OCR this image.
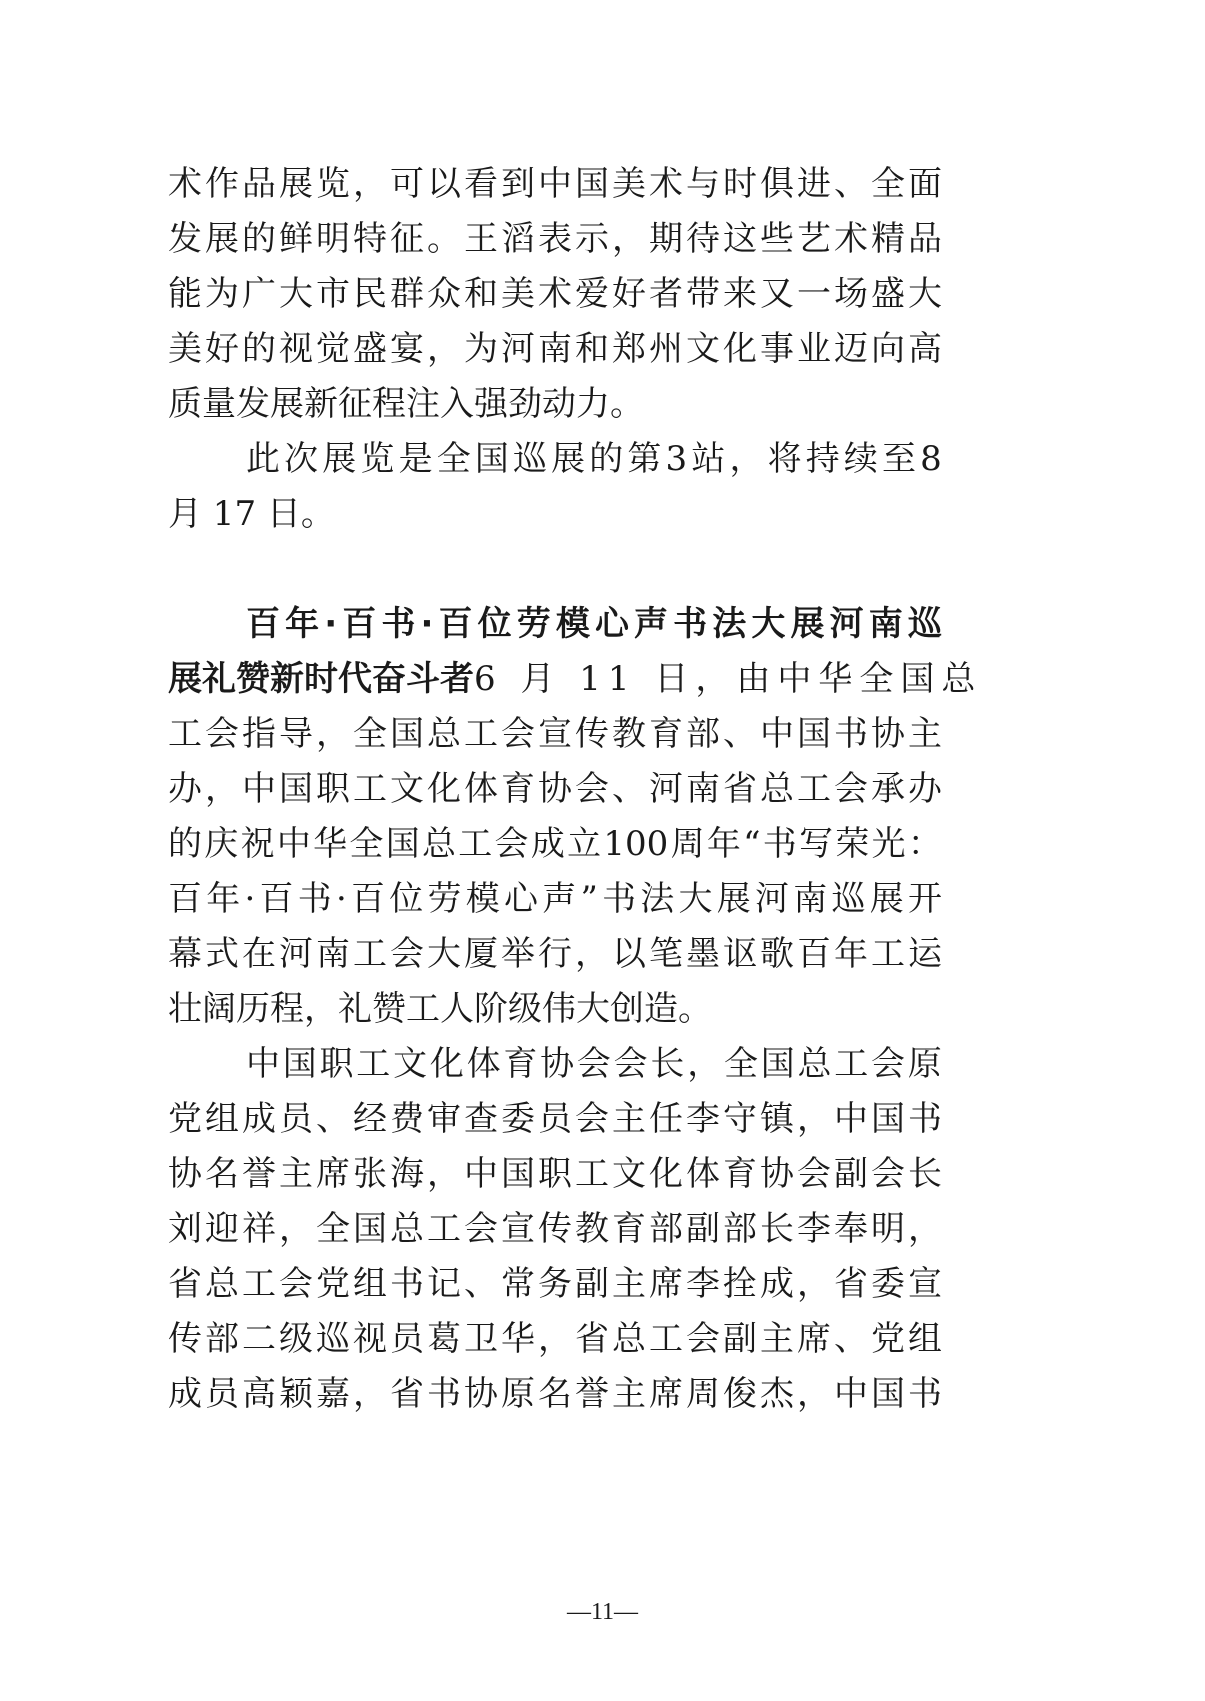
术 作 品 展 览 ， 可 以 看 到 中 国 美 术 与 时 俱 进 、 全 面
发 展 的 鲜 明 特 征 。 王 滔 表 示 ， 期 待 这 些 艺 术 精 品
能 为 广 大 市 民 群 众 和 美 术 爱 好 者 带 来 又 一 场 盛 大
美 好 的 视 觉 盛 宴 ， 为 河 南 和 郑 州 文 化 事 业 迈 向 高
质量发展新征程注入强劲动力。
此 次 展 览 是 全 国 巡 展 的 第 3 站 ， 将 持 续 至 8
月 17 日。
百 年 · 百 书 · 百 位 劳 模 心 声 书 法 大 展 河 南 巡
展礼赞新时代奋斗者 6 月 11 日，由中华全国总
工 会 指 导 ， 全 国 总 工 会 宣 传 教 育 部 、 中 国 书 协 主
办 ， 中 国 职 工 文 化 体 育 协 会 、 河 南 省 总 工 会 承 办
的 庆 祝 中 华 全 国 总 工 会 成 立 100 周 年 “ 书 写 荣 光 ：
百 年 · 百 书 · 百 位 劳 模 心 声 ” 书 法 大 展 河 南 巡 展 开
幕 式 在 河 南 工 会 大 厦 举 行 ， 以 笔 墨 讴 歌 百 年 工 运
壮阔历程，礼赞工人阶级伟大创造。
中 国 职 工 文 化 体 育 协 会 会 长 ， 全 国 总 工 会 原
党 组 成 员 、 经 费 审 查 委 员 会 主 任 李 守 镇 ， 中 国 书
协 名 誉 主 席 张 海 ， 中 国 职 工 文 化 体 育 协 会 副 会 长
刘 迎 祥 ， 全 国 总 工 会 宣 传 教 育 部 副 部 长 李 奉 明 ，
省 总 工 会 党 组 书 记 、 常 务 副 主 席 李 拴 成 ， 省 委 宣
传 部 二 级 巡 视 员 葛 卫 华 ， 省 总 工 会 副 主 席 、 党 组
成 员 高 颖 嘉 ， 省 书 协 原 名 誉 主 席 周 俊 杰 ， 中 国 书
—11—
